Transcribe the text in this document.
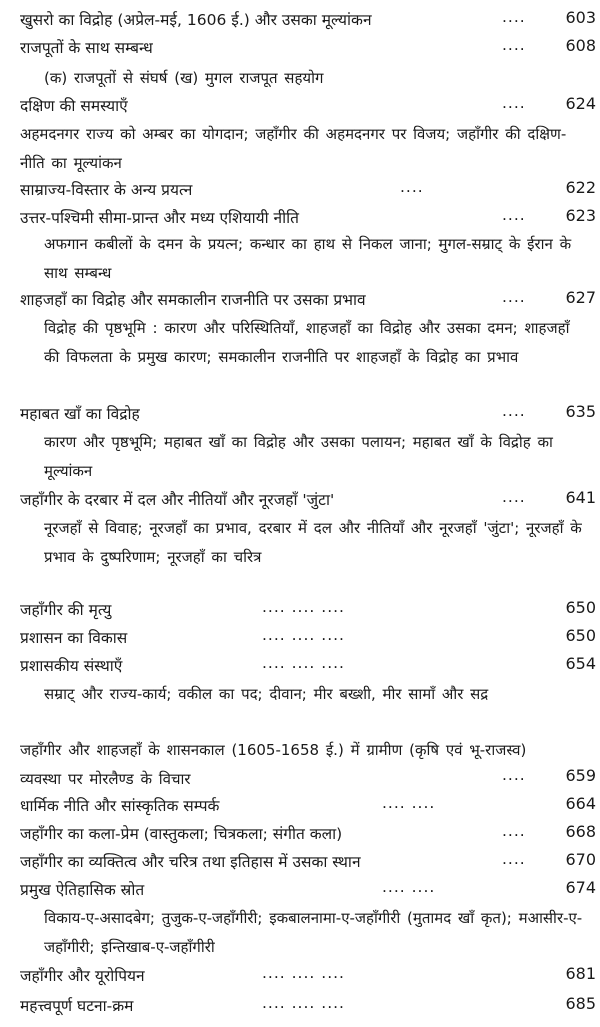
खुसरो का विद्रोह (अप्रेल-मई, 1606 ई.) और उसका मूल्यांकन	.... 603
राजपूतों के साथ सम्बन्ध	.... 608
(क) राजपूतों से संघर्ष (ख) मुगल राजपूत सहयोग
दक्षिण की समस्याएँ	.... 624
अहमदनगर राज्य को अम्बर का योगदान; जहाँगीर की अहमदनगर पर विजय; जहाँगीर की दक्षिण-नीति का मूल्यांकन
साम्राज्य-विस्तार के अन्य प्रयत्न	....	622
उत्तर-पश्चिमी सीमा-प्रान्त और मध्य एशियायी नीति	.... 623
अफगान कबीलों के दमन के प्रयत्न; कन्धार का हाथ से निकल जाना; मुगल-सम्राट् के ईरान के साथ सम्बन्ध
शाहजहाँ का विद्रोह और समकालीन राजनीति पर उसका प्रभाव	.... 627
विद्रोह की पृष्ठभूमि : कारण और परिस्थितियाँ, शाहजहाँ का विद्रोह और उसका दमन; शाहजहाँ की विफलता के प्रमुख कारण; समकालीन राजनीति पर शाहजहाँ के विद्रोह का प्रभाव
महाबत खाँ का विद्रोह	.... 635
कारण और पृष्ठभूमि; महाबत खाँ का विद्रोह और उसका पलायन; महाबत खाँ के विद्रोह का मूल्यांकन
जहाँगीर के दरबार में दल और नीतियाँ और नूरजहाँ 'जुंटा'	.... 641
नूरजहाँ से विवाह; नूरजहाँ का प्रभाव, दरबार में दल और नीतियाँ और नूरजहाँ 'जुंटा'; नूरजहाँ के प्रभाव के दुष्परिणाम; नूरजहाँ का चरित्र
जहाँगीर की मृत्यु	.... .... ....	650
प्रशासन का विकास	.... .... ....	650
प्रशासकीय संस्थाएँ	.... .... ....	654
सम्राट् और राज्य-कार्य; वकील का पद; दीवान; मीर बख्शी, मीर सामाँ और सद्र
जहाँगीर और शाहजहाँ के शासनकाल (1605-1658 ई.) में ग्रामीण (कृषि एवं भू-राजस्व) व्यवस्था पर मोरलैण्ड के विचार	.... 659
धार्मिक नीति और सांस्कृतिक सम्पर्क	.... ....	664
जहाँगीर का कला-प्रेम (वास्तुकला; चित्रकला; संगीत कला)	.... 668
जहाँगीर का व्यक्तित्व और चरित्र तथा इतिहास में उसका स्थान	.... 670
प्रमुख ऐतिहासिक स्रोत	.... ....	674
विकाय-ए-असादबेग; तुजुक-ए-जहाँगीरी; इकबालनामा-ए-जहाँगीरी (मुतामद खाँ कृत); मआसीर-ए-जहाँगीरी; इन्तिखाब-ए-जहाँगीरी
जहाँगीर और यूरोपियन	.... .... ....	681
महत्त्वपूर्ण घटना-क्रम	.... .... ....	685
